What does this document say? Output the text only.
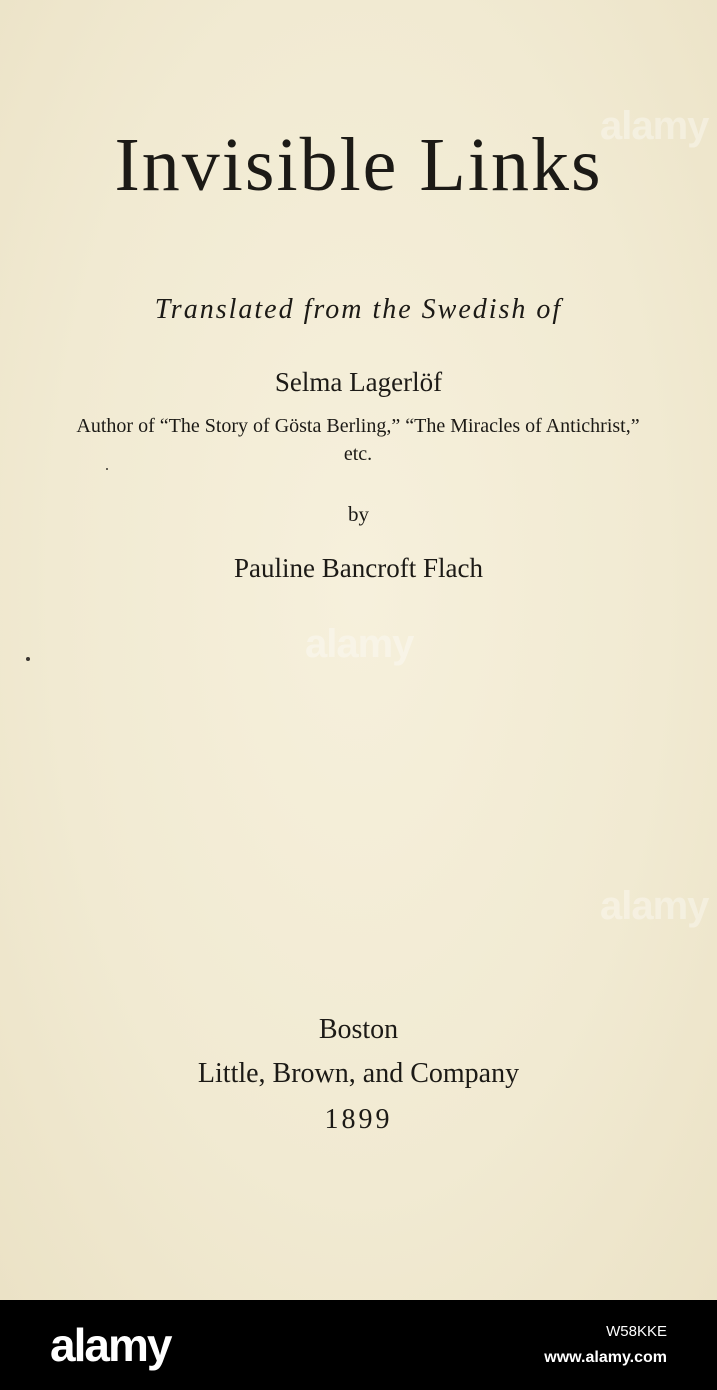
Invisible Links
Translated from the Swedish of
Selma Lagerlöf
Author of “The Story of Gösta Berling,” “The Miracles of Antichrist,” etc.
by
Pauline Bancroft Flach
Boston
Little, Brown, and Company
1899
alamy
alamy
alamy
alamy	W58KKE
www.alamy.com
